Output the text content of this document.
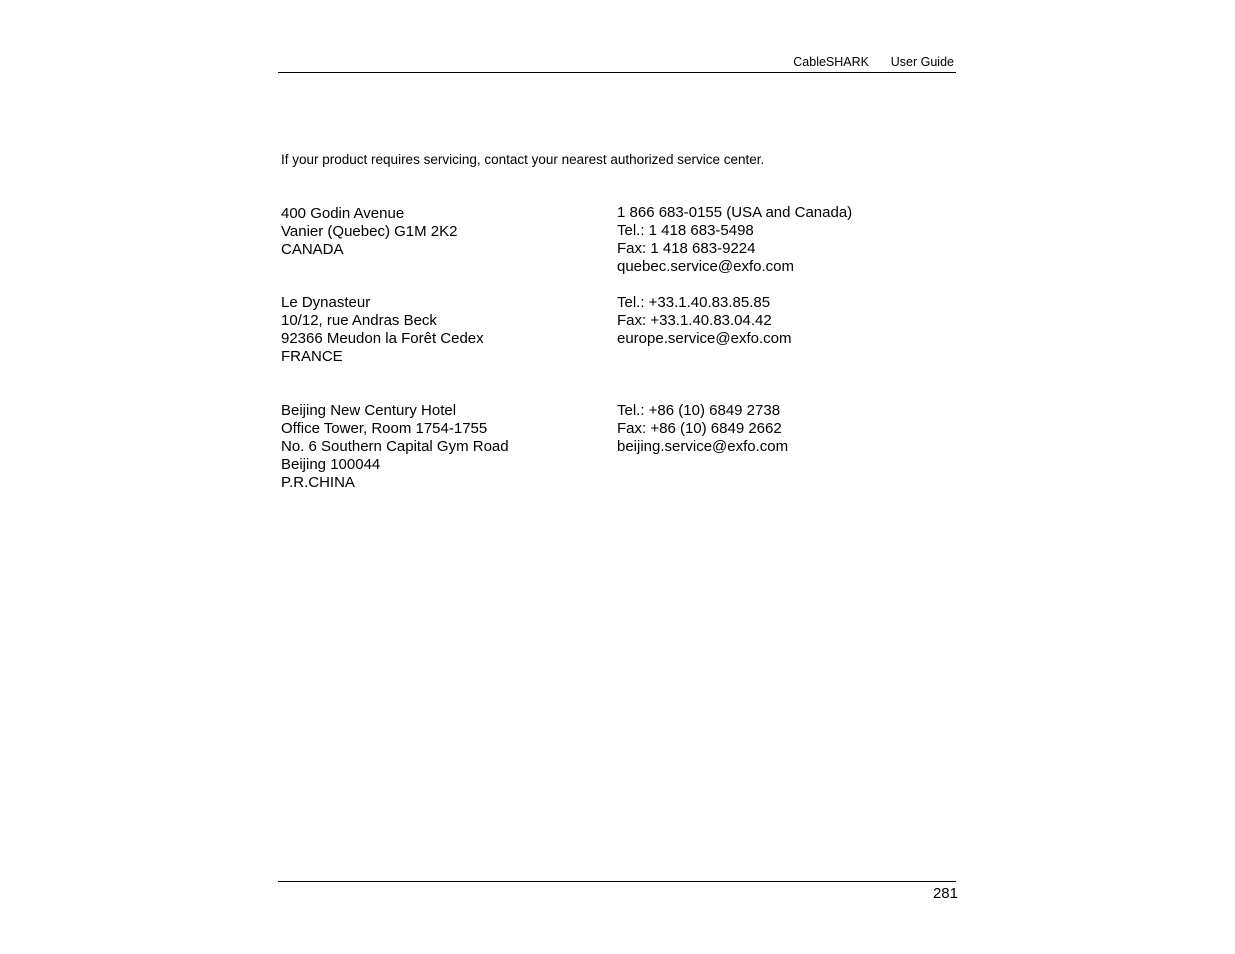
CableSHARK User Guide
If your product requires servicing, contact your nearest authorized service center.
400 Godin Avenue
Vanier (Quebec) G1M 2K2
CANADA
1 866 683-0155 (USA and Canada)
Tel.: 1 418 683-5498
Fax: 1 418 683-9224
quebec.service@exfo.com
Le Dynasteur
10/12, rue Andras Beck
92366 Meudon la Forêt Cedex
FRANCE
Tel.: +33.1.40.83.85.85
Fax: +33.1.40.83.04.42
europe.service@exfo.com
Beijing New Century Hotel
Office Tower, Room 1754-1755
No. 6 Southern Capital Gym Road
Beijing 100044
P.R.CHINA
Tel.: +86 (10) 6849 2738
Fax: +86 (10) 6849 2662
beijing.service@exfo.com
281
